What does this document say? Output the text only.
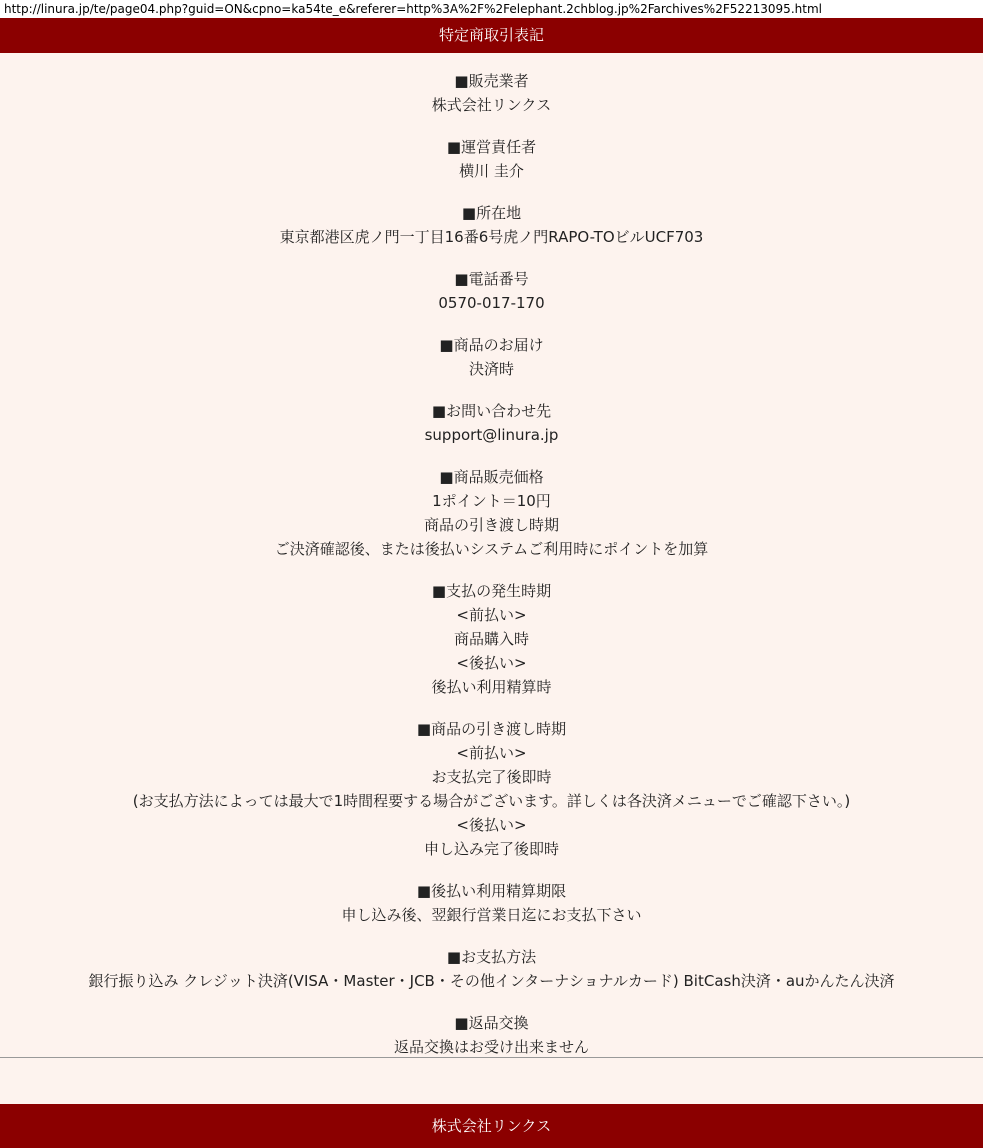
http://linura.jp/te/page04.php?guid=ON&cpno=ka54te_e&referer=http%3A%2F%2Felephant.2chblog.jp%2Farchives%2F52213095.html
特定商取引表記
■販売業者
株式会社リンクス
■運営責任者
横川 圭介
■所在地
東京都港区虎ノ門一丁目16番6号虎ノ門RAPO-TOビルUCF703
■電話番号
0570-017-170
■商品のお届け
決済時
■お問い合わせ先
support@linura.jp
■商品販売価格
1ポイント＝10円
商品の引き渡し時期
ご決済確認後、または後払いシステムご利用時にポイントを加算
■支払の発生時期
<前払い>
商品購入時
<後払い>
後払い利用精算時
■商品の引き渡し時期
<前払い>
お支払完了後即時
(お支払方法によっては最大で1時間程要する場合がございます。詳しくは各決済メニューでご確認下さい。)
<後払い>
申し込み完了後即時
■後払い利用精算期限
申し込み後、翌銀行営業日迄にお支払下さい
■お支払方法
銀行振り込み クレジット決済(VISA・Master・JCB・その他インターナショナルカード) BitCash決済・auかんたん決済
■返品交換
返品交換はお受け出来ません
株式会社リンクス
